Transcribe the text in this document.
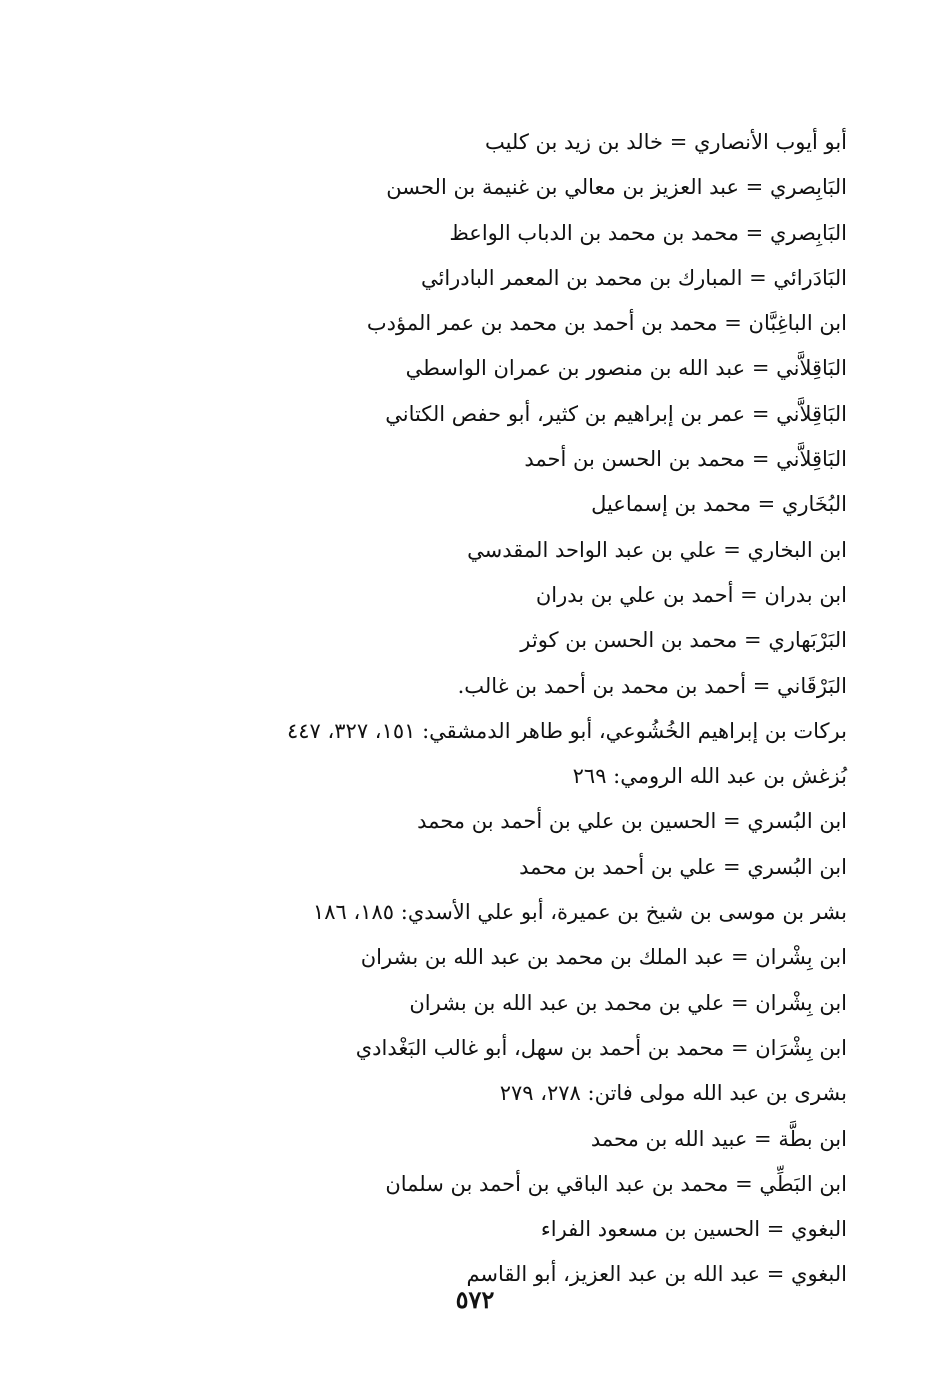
أبو أيوب الأنصاري = خالد بن زيد بن كليب
البَابِصري = عبد العزيز بن معالي بن غنيمة بن الحسن
البَابِصري = محمد بن محمد بن الدباب الواعظ
البَادَرائي = المبارك بن محمد بن المعمر البادرائي
ابن الباغِبَّان = محمد بن أحمد بن محمد بن عمر المؤدب
البَاقِلاَّني = عبد الله بن منصور بن عمران الواسطي
البَاقِلاَّني = عمر بن إبراهيم بن كثير، أبو حفص الكتاني
البَاقِلاَّني = محمد بن الحسن بن أحمد
البُخَاري = محمد بن إسماعيل
ابن البخاري = علي بن عبد الواحد المقدسي
ابن بدران = أحمد بن علي بن بدران
البَرْبَهاري = محمد بن الحسن بن كوثر
البَرْقَاني = أحمد بن محمد بن أحمد بن غالب.
بركات بن إبراهيم الخُشُوعي، أبو طاهر الدمشقي: ١٥١، ٣٢٧، ٤٤٧
بُزغش بن عبد الله الرومي: ٢٦٩
ابن البُسري = الحسين بن علي بن أحمد بن محمد
ابن البُسري = علي بن أحمد بن محمد
بشر بن موسى بن شيخ بن عميرة، أبو علي الأسدي: ١٨٥، ١٨٦
ابن بِشْران = عبد الملك بن محمد بن عبد الله بن بشران
ابن بِشْران = علي بن محمد بن عبد الله بن بشران
ابن بِشْرَان = محمد بن أحمد بن سهل، أبو غالب البَغْدادي
بشرى بن عبد الله مولى فاتن: ٢٧٨، ٢٧٩
ابن بطَّة = عبيد الله بن محمد
ابن البَطِّي = محمد بن عبد الباقي بن أحمد بن سلمان
البغوي = الحسين بن مسعود الفراء
البغوي = عبد الله بن عبد العزيز، أبو القاسم
٥٧٢
